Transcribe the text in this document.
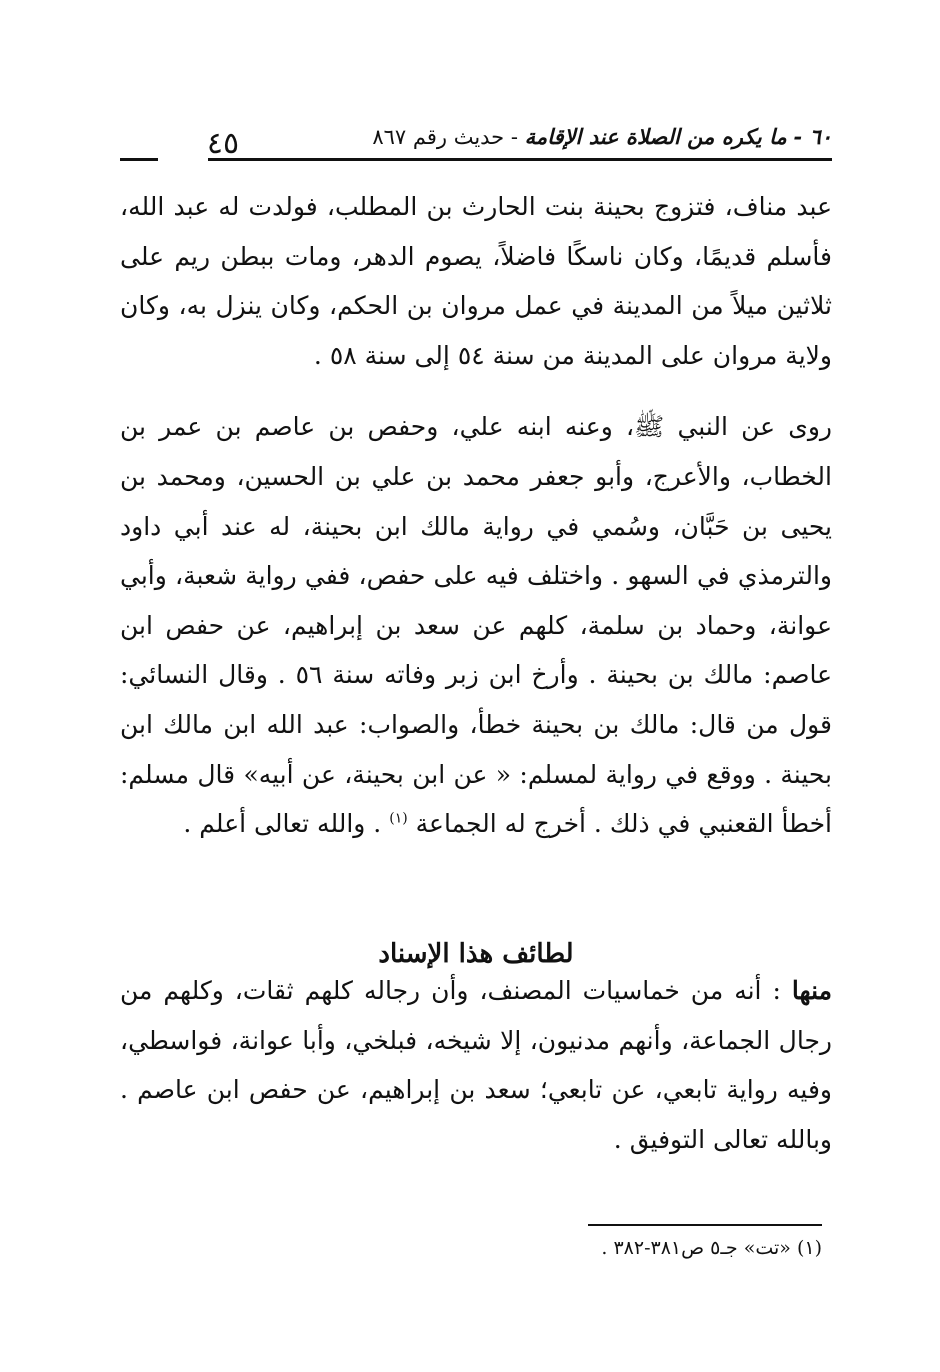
٤٥	٦٠ - ما يكره من الصلاة عند الإقامة - حديث رقم ٨٦٧

عبد مناف، فتزوج بحينة بنت الحارث بن المطلب، فولدت له عبد الله، فأسلم قديمًا، وكان ناسكًا فاضلاً، يصوم الدهر، ومات ببطن ريم على ثلاثين ميلاً من المدينة في عمل مروان بن الحكم، وكان ينزل به، وكان ولاية مروان على المدينة من سنة ٥٤ إلى سنة ٥٨ .

روى عن النبي ﷺ، وعنه ابنه علي، وحفص بن عاصم بن عمر بن الخطاب، والأعرج، وأبو جعفر محمد بن علي بن الحسين، ومحمد بن يحيى بن حَبَّان، وسُمي في رواية مالك ابن بحينة، له عند أبي داود والترمذي في السهو . واختلف فيه على حفص، ففي رواية شعبة، وأبي عوانة، وحماد بن سلمة، كلهم عن سعد بن إبراهيم، عن حفص ابن عاصم: مالك بن بحينة . وأرخ ابن زبر وفاته سنة ٥٦ . وقال النسائي: قول من قال: مالك بن بحينة خطأ، والصواب: عبد الله ابن مالك ابن بحينة . ووقع في رواية لمسلم: « عن ابن بحينة، عن أبيه» قال مسلم: أخطأ القعنبي في ذلك . أخرج له الجماعة $^{(١)}$ . والله تعالى أعلم .

لطائف هذا الإسناد

منها : أنه من خماسيات المصنف، وأن رجاله كلهم ثقات، وكلهم من رجال الجماعة، وأنهم مدنيون، إلا شيخه، فبلخي، وأبا عوانة، فواسطي، وفيه رواية تابعي، عن تابعي؛ سعد بن إبراهيم، عن حفص ابن عاصم . وبالله تعالى التوفيق .

(١) «تت» جـ٥ ص٣٨١-٣٨٢ .
